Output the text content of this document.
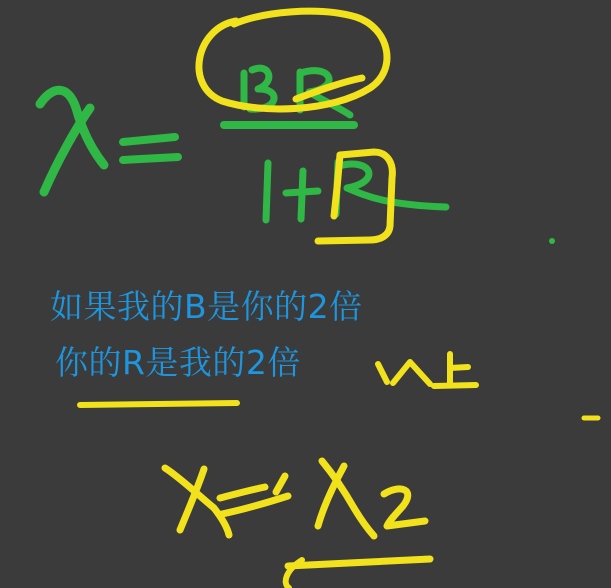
如果我的B是你的2倍
你的R是我的2倍
